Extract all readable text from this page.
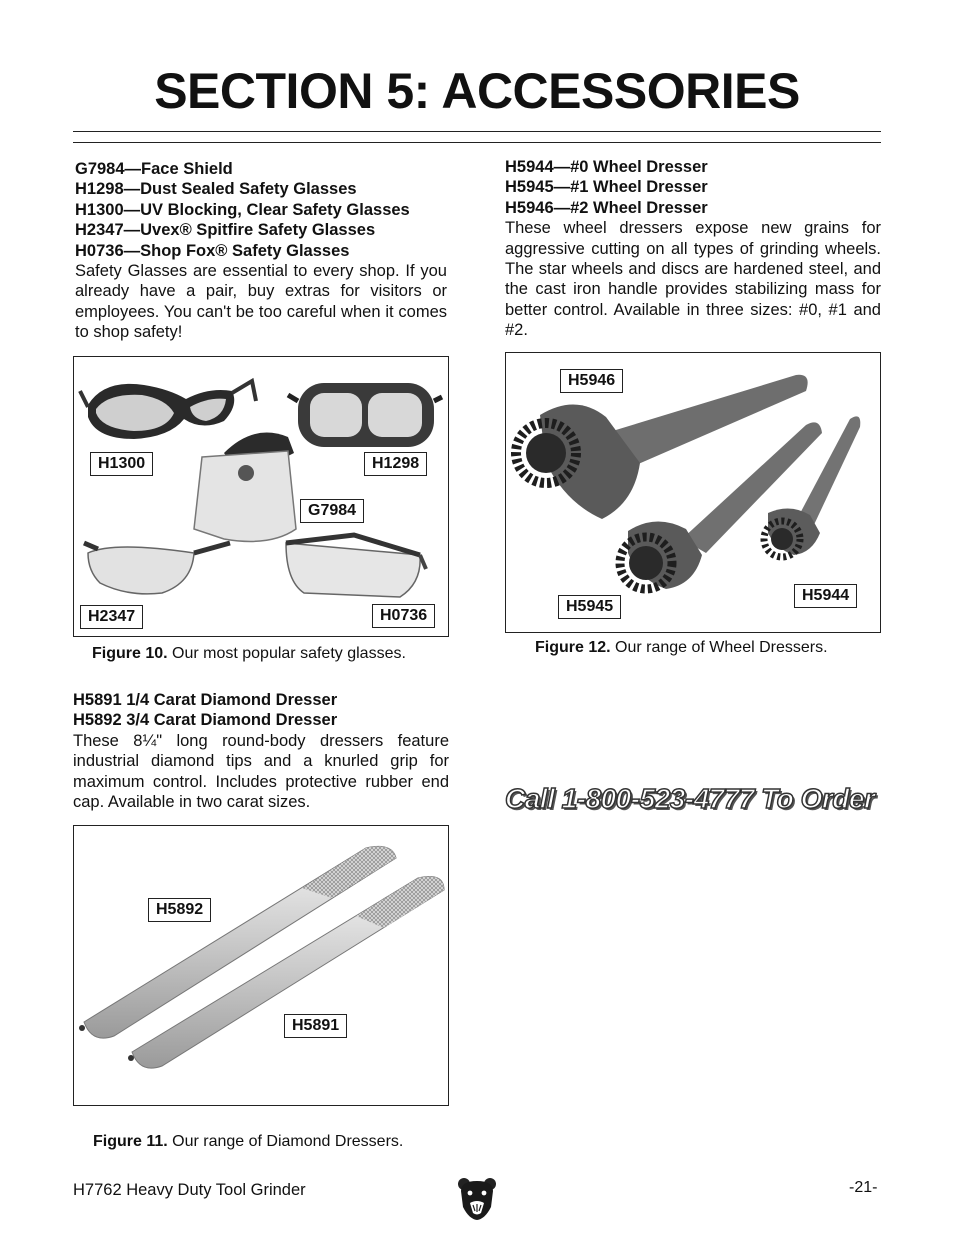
SECTION 5: ACCESSORIES
G7984—Face Shield
H1298—Dust Sealed Safety Glasses
H1300—UV Blocking, Clear Safety Glasses
H2347—Uvex® Spitfire Safety Glasses
H0736—Shop Fox® Safety Glasses
Safety Glasses are essential to every shop. If you already have a pair, buy extras for visitors or employees. You can't be too careful when it comes to shop safety!
H1300	H1298
G7984
H2347	H0736
Figure 10. Our most popular safety glasses.
H5891 1/4 Carat Diamond Dresser
H5892 3/4 Carat Diamond Dresser
These 8¼" long round-body dressers feature industrial diamond tips and a knurled grip for maximum control. Includes protective rubber end cap. Available in two carat sizes.
H5892
H5891
Figure 11. Our range of Diamond Dressers.
H5944—#0 Wheel Dresser
H5945—#1 Wheel Dresser
H5946—#2 Wheel Dresser
These wheel dressers expose new grains for aggressive cutting on all types of grinding wheels. The star wheels and discs are hardened steel, and the cast iron handle provides stabilizing mass for better control. Available in three sizes: #0, #1 and #2.
H5946
H5945
H5944
Figure 12. Our range of Wheel Dressers.
Call 1-800-523-4777 To Order
H7762 Heavy Duty Tool Grinder	-21-
